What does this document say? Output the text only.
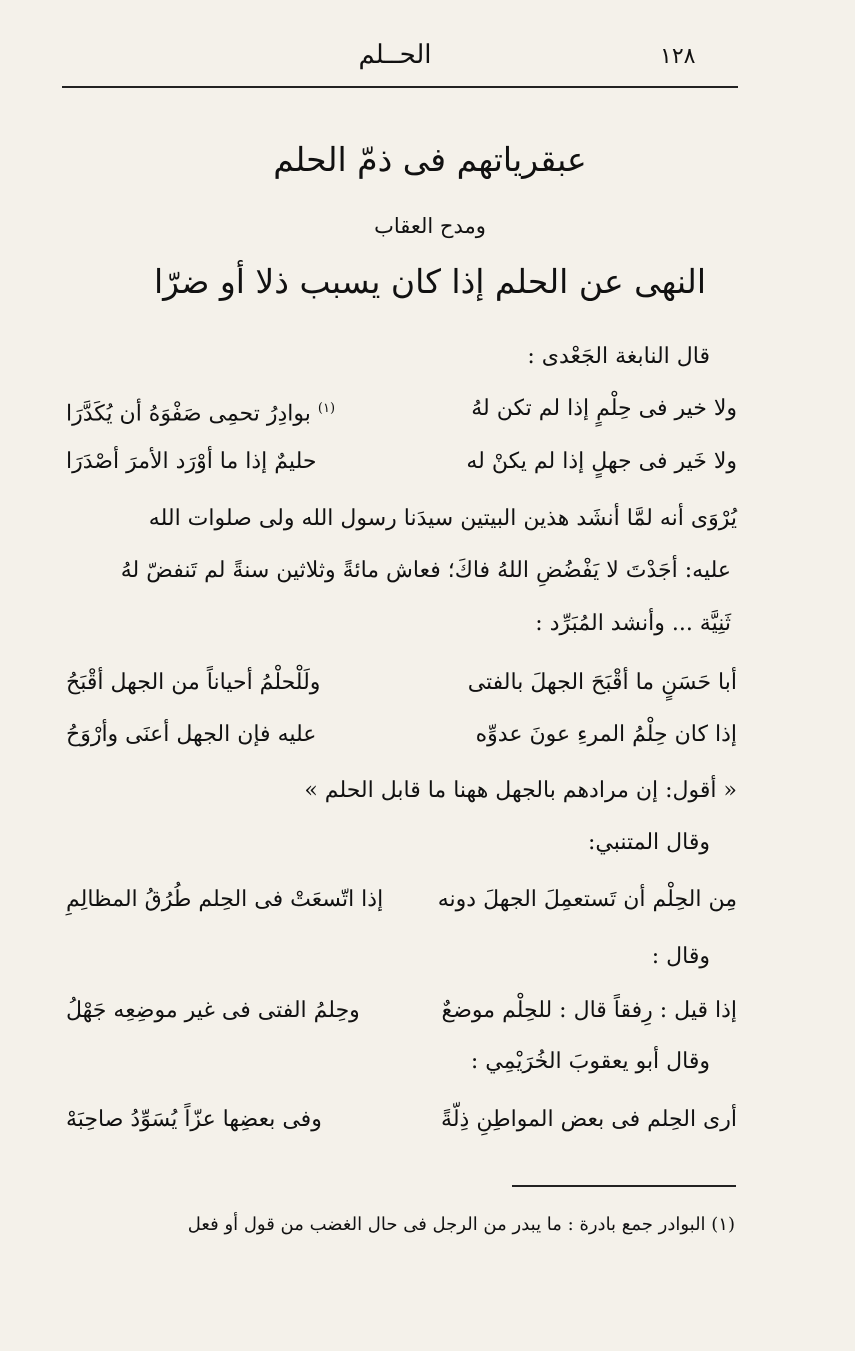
١٢٨
الحــلم
عبقرياتهم فى ذمّ الحلم
ومدح العقاب
النهى عن الحلم إذا كان يسبب ذلا أو ضرّا
قال النابغة الجَعْدى :
ولا خير فى حِلْمٍ إذا لم تكن لهُ
$^{(١)}$ بوادِرُ تحمِى صَفْوَهُ أن يُكَدَّرَا
ولا خَير فى جهلٍ إذا لم يكنْ له
حليمٌ إذا ما أوْرَد الأمرَ أصْدَرَا
يُرْوَى أنه لمَّا أنشَد هذين البيتين سيدَنا رسول الله ولى صلوات الله
عليه: أجَدْتَ لا يَفْضُضِ اللهُ فاكَ؛ فعاش مائةً وثلاثين سنةً لم تَنفضّ لهُ
ثَنِيَّة ... وأنشد المُبَرِّد :
أبا حَسَنٍ ما أقْبَحَ الجهلَ بالفتى
ولَلْحلْمُ أحياناً من الجهل أقْبَحُ
إذا كان حِلْمُ المرءِ عونَ عدوِّه
عليه فإن الجهل أعنَى وأرْوَحُ
« أقول: إن مرادهم بالجهل ههنا ما قابل الحلم »
وقال المتنبي:
مِن الحِلْم أن تَستعمِلَ الجهلَ دونه
إذا اتّسعَتْ فى الحِلم طُرُقُ المظالِمِ
وقال :
إذا قيل : رِفقاً قال : للحِلْم موضعٌ
وحِلمُ الفتى فى غير موضِعِه جَهْلُ
وقال أبو يعقوبَ الخُرَيْمِي :
أرى الحِلم فى بعض المواطِنِ ذِلّةً
وفى بعضِها عزّاً يُسَوِّدُ صاحِبَهْ
(١) البوادر جمع بادرة : ما يبدر من الرجل فى حال الغضب من قول أو فعل
